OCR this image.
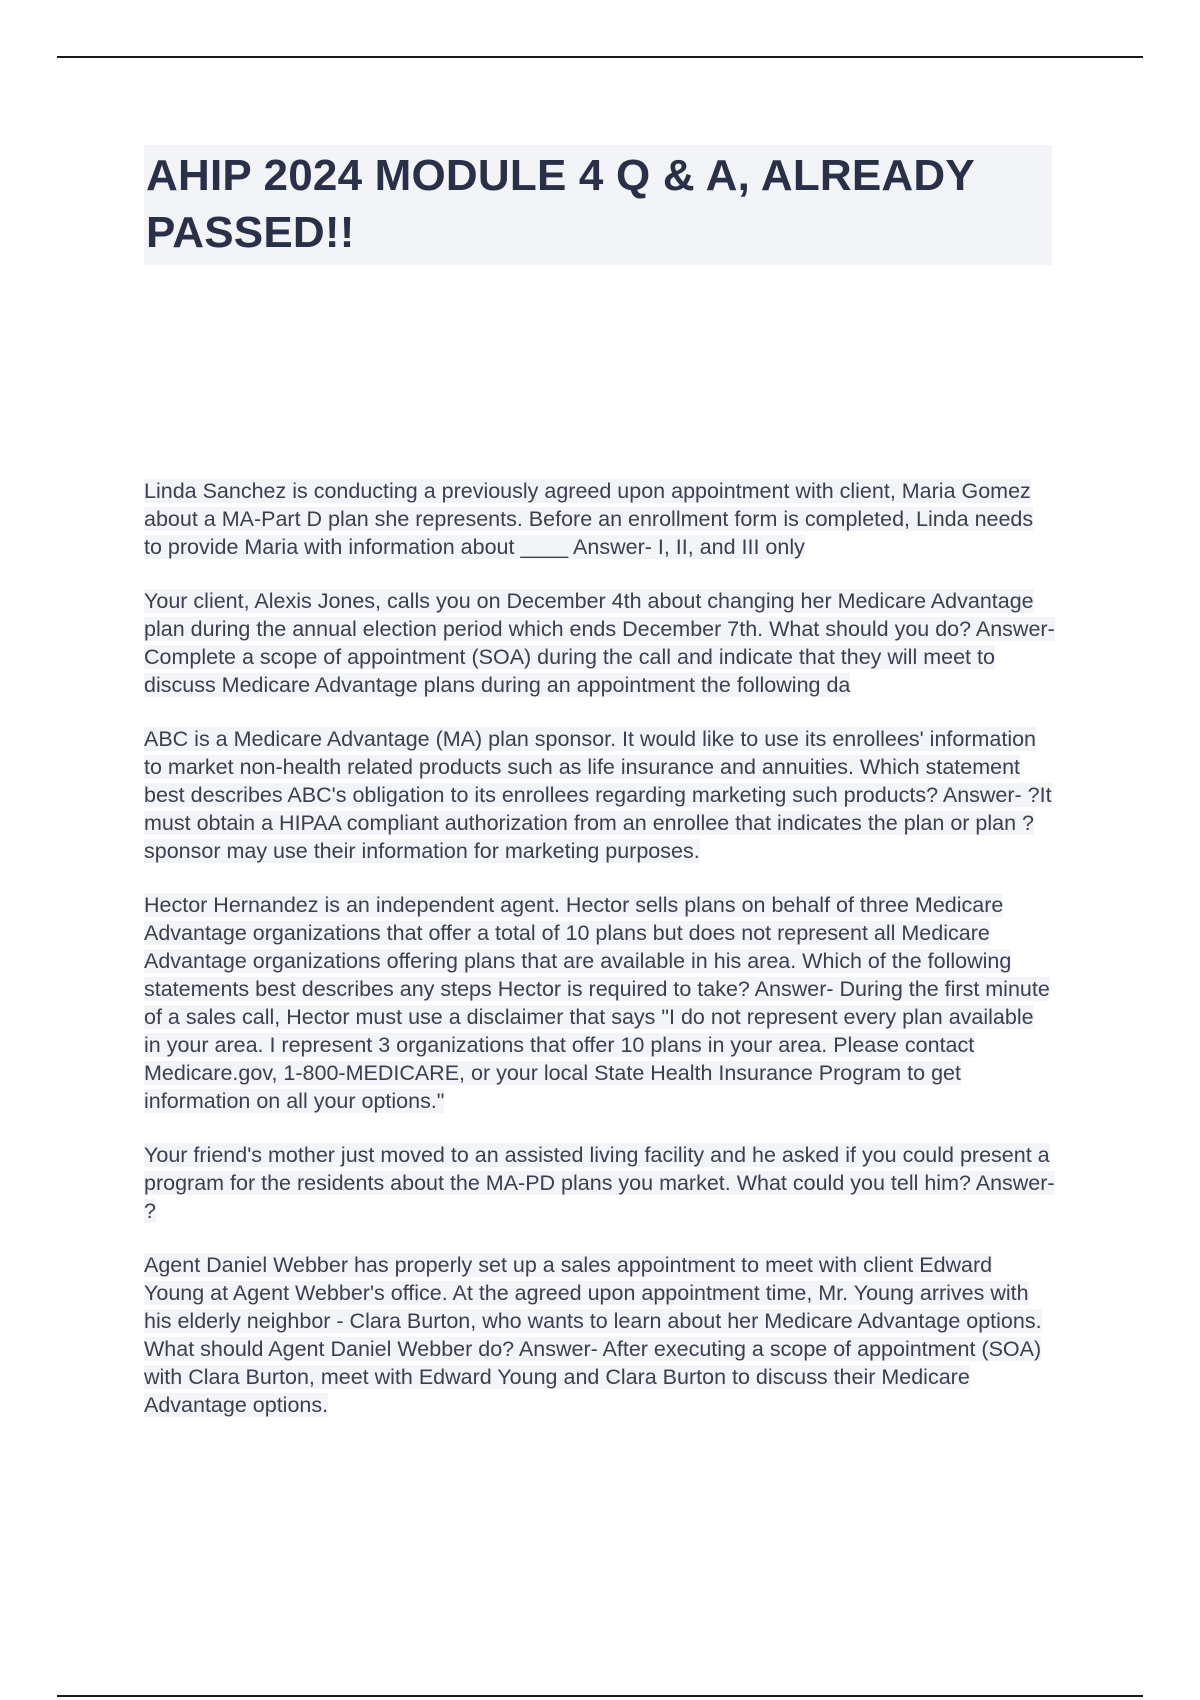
AHIP 2024 MODULE 4 Q & A, ALREADY PASSED!!

Linda Sanchez is conducting a previously agreed upon appointment with client, Maria Gomez about a MA-Part D plan she represents. Before an enrollment form is completed, Linda needs to provide Maria with information about ____ Answer- I, II, and III only

Your client, Alexis Jones, calls you on December 4th about changing her Medicare Advantage plan during the annual election period which ends December 7th. What should you do? Answer- Complete a scope of appointment (SOA) during the call and indicate that they will meet to discuss Medicare Advantage plans during an appointment the following da

ABC is a Medicare Advantage (MA) plan sponsor. It would like to use its enrollees' information to market non-health related products such as life insurance and annuities. Which statement best describes ABC's obligation to its enrollees regarding marketing such products? Answer- ?It must obtain a HIPAA compliant authorization from an enrollee that indicates the plan or plan ?sponsor may use their information for marketing purposes.

Hector Hernandez is an independent agent. Hector sells plans on behalf of three Medicare Advantage organizations that offer a total of 10 plans but does not represent all Medicare Advantage organizations offering plans that are available in his area. Which of the following statements best describes any steps Hector is required to take? Answer- During the first minute of a sales call, Hector must use a disclaimer that says "I do not represent every plan available in your area. I represent 3 organizations that offer 10 plans in your area. Please contact Medicare.gov, 1-800-MEDICARE, or your local State Health Insurance Program to get information on all your options."

Your friend's mother just moved to an assisted living facility and he asked if you could present a program for the residents about the MA-PD plans you market. What could you tell him? Answer- ?

Agent Daniel Webber has properly set up a sales appointment to meet with client Edward Young at Agent Webber's office. At the agreed upon appointment time, Mr. Young arrives with his elderly neighbor - Clara Burton, who wants to learn about her Medicare Advantage options. What should Agent Daniel Webber do? Answer- After executing a scope of appointment (SOA) with Clara Burton, meet with Edward Young and Clara Burton to discuss their Medicare Advantage options.
